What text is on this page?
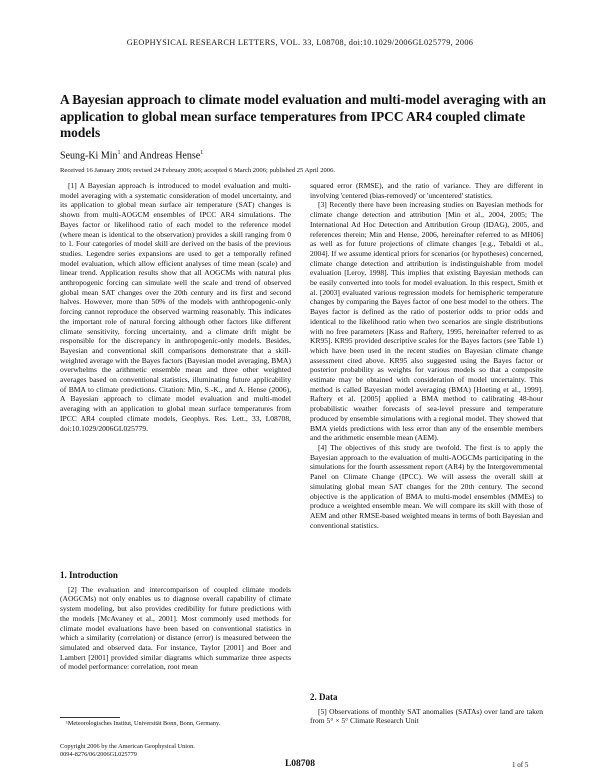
GEOPHYSICAL RESEARCH LETTERS, VOL. 33, L08708, doi:10.1029/2006GL025779, 2006
A Bayesian approach to climate model evaluation and multi-model averaging with an application to global mean surface temperatures from IPCC AR4 coupled climate models
Seung-Ki Min$^1$ and Andreas Hense$^1$
Received 16 January 2006; revised 24 February 2006; accepted 6 March 2006; published 25 April 2006.

[1] A Bayesian approach is introduced to model evaluation and multi-model averaging with a systematic consideration of model uncertainty, and its application to global mean surface air temperature (SAT) changes is shown from multi-AOGCM ensembles of IPCC AR4 simulations. The Bayes factor or likelihood ratio of each model to the reference model (where mean is identical to the observation) provides a skill ranging from 0 to 1. Four categories of model skill are derived on the basis of the previous studies. Legendre series expansions are used to get a temporally refined model evaluation, which allow efficient analyses of time mean (scale) and linear trend. Application results show that all AOGCMs with natural plus anthropogenic forcing can simulate well the scale and trend of observed global mean SAT changes over the 20th century and its first and second halves. However, more than 50% of the models with anthropogenic-only forcing cannot reproduce the observed warming reasonably. This indicates the important role of natural forcing although other factors like different climate sensitivity, forcing uncertainty, and a climate drift might be responsible for the discrepancy in anthropogenic-only models. Besides, Bayesian and conventional skill comparisons demonstrate that a skill-weighted average with the Bayes factors (Bayesian model averaging, BMA) overwhelms the arithmetic ensemble mean and three other weighted averages based on conventional statistics, illuminating future applicability of BMA to climate predictions. Citation: Min, S.-K., and A. Hense (2006), A Bayesian approach to climate model evaluation and multi-model averaging with an application to global mean surface temperatures from IPCC AR4 coupled climate models, Geophys. Res. Lett., 33, L08708, doi:10.1029/2006GL025779.

1. Introduction

[2] The evaluation and intercomparison of coupled climate models (AOGCMs) not only enables us to diagnose overall capability of climate system modeling, but also provides credibility for future predictions with the models [McAvaney et al., 2001]. Most commonly used methods for climate model evaluations have been based on conventional statistics in which a similarity (correlation) or distance (error) is measured between the simulated and observed data. For instance, Taylor [2001] and Boer and Lambert [2001] provided similar diagrams which summarize three aspects of model performance: correlation, root mean

squared error (RMSE), and the ratio of variance. They are different in involving 'centered (bias-removed)' or 'uncentered' statistics.

[3] Recently there have been increasing studies on Bayesian methods for climate change detection and attribution [Min et al., 2004, 2005; The International Ad Hoc Detection and Attribution Group (IDAG), 2005, and references therein; Min and Hense, 2006, hereinafter referred to as MH06] as well as for future projections of climate changes [e.g., Tebaldi et al., 2004]. If we assume identical priors for scenarios (or hypotheses) concerned, climate change detection and attribution is indistinguishable from model evaluation [Leroy, 1998]. This implies that existing Bayesian methods can be easily converted into tools for model evaluation. In this respect, Smith et al. [2003] evaluated various regression models for hemispheric temperature changes by comparing the Bayes factor of one best model to the others. The Bayes factor is defined as the ratio of posterior odds to prior odds and identical to the likelihood ratio when two scenarios are single distributions with no free parameters [Kass and Raftery, 1995, hereinafter referred to as KR95]. KR95 provided descriptive scales for the Bayes factors (see Table 1) which have been used in the recent studies on Bayesian climate change assessment cited above. KR95 also suggested using the Bayes factor or posterior probability as weights for various models so that a composite estimate may be obtained with consideration of model uncertainty. This method is called Bayesian model averaging (BMA) [Hoeting et al., 1999]. Raftery et al. [2005] applied a BMA method to calibrating 48-hour probabilistic weather forecasts of sea-level pressure and temperature produced by ensemble simulations with a regional model. They showed that BMA yields predictions with less error than any of the ensemble members and the arithmetic ensemble mean (AEM).

[4] The objectives of this study are twofold. The first is to apply the Bayesian approach to the evaluation of multi-AOGCMs participating in the simulations for the fourth assessment report (AR4) by the Intergovernmental Panel on Climate Change (IPCC). We will assess the overall skill at simulating global mean SAT changes for the 20th century. The second objective is the application of BMA to multi-model ensembles (MMEs) to produce a weighted ensemble mean. We will compare its skill with those of AEM and other RMSE-based weighted means in terms of both Bayesian and conventional statistics.

2. Data

[5] Observations of monthly SAT anomalies (SATAs) over land are taken from 5° × 5° Climate Research Unit

¹Meteorologisches Institut, Universität Bonn, Bonn, Germany.
Copyright 2006 by the American Geophysical Union.
0094-8276/06/2006GL025779
L08708	1 of 5
